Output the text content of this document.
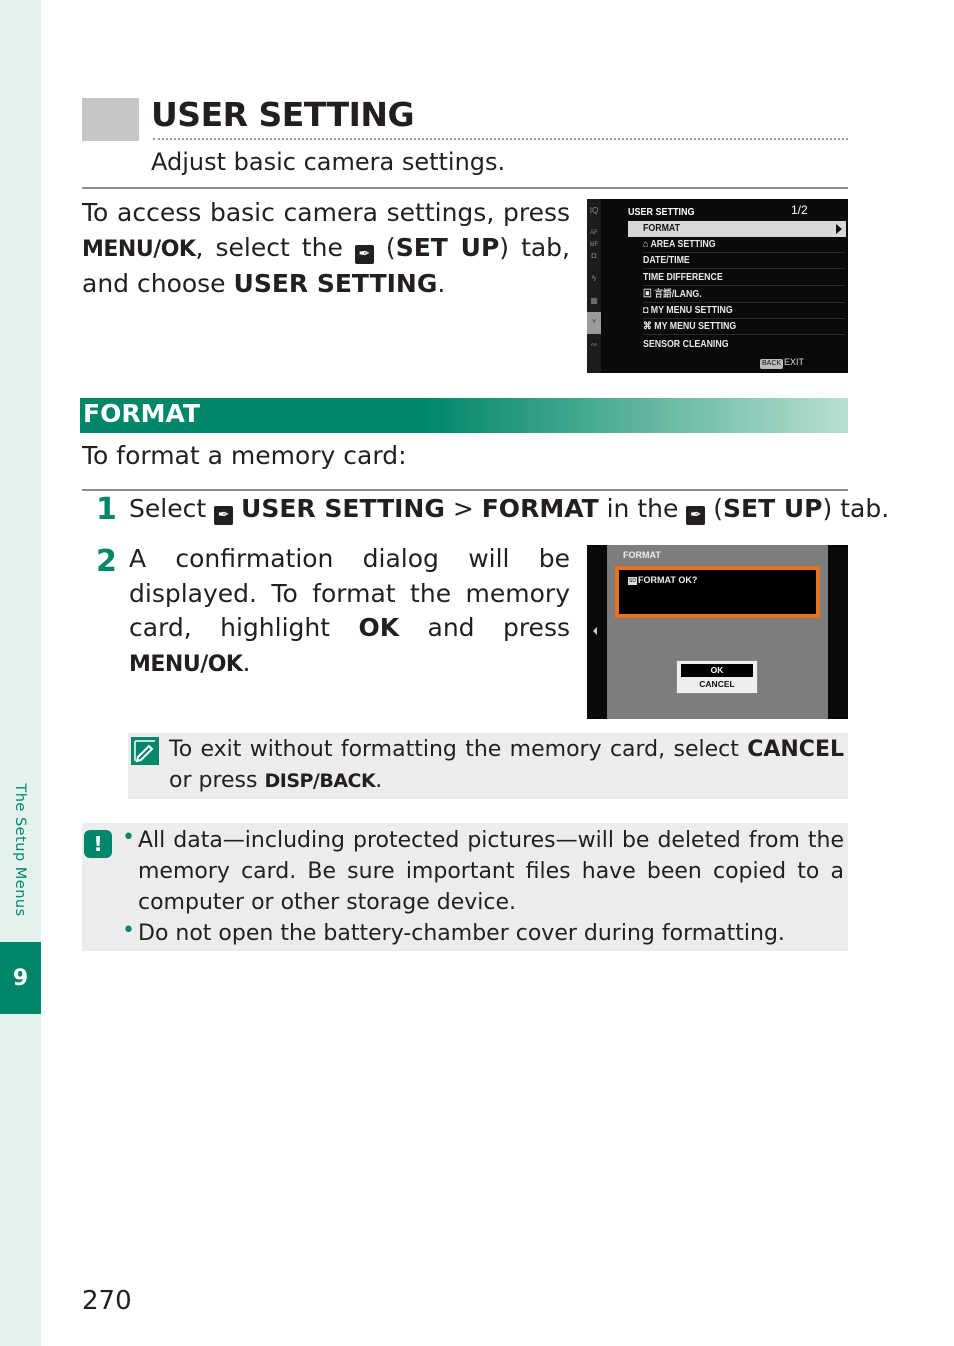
The Setup Menus
9
USER SETTING
Adjust basic camera settings.
To access basic camera settings, press MENU/OK, select the ✒ (SET UP) tab, and choose USER SETTING.
IQ
AF MF
◘
ϟ
▦
ⱽ
∾
USER SETTING	1/2
FORMAT
⌂ AREA SETTING
DATE/TIME
TIME DIFFERENCE
▣ 言語/LANG.
◘ MY MENU SETTING
⌘ MY MENU SETTING
SENSOR CLEANING
BACK EXIT
FORMAT
To format a memory card:
1 Select ✒ USER SETTING > FORMAT in the ✒ (SET UP) tab.
2 A confirmation dialog will be displayed. To format the memory card, highlight OK and press MENU/OK.
FORMAT
SD FORMAT OK?
OK
CANCEL
To exit without formatting the memory card, select CANCEL or press DISP/BACK.
! • All data—including protected pictures—will be deleted from the memory card. Be sure important files have been copied to a computer or other storage device.
• Do not open the battery-chamber cover during formatting.
270
